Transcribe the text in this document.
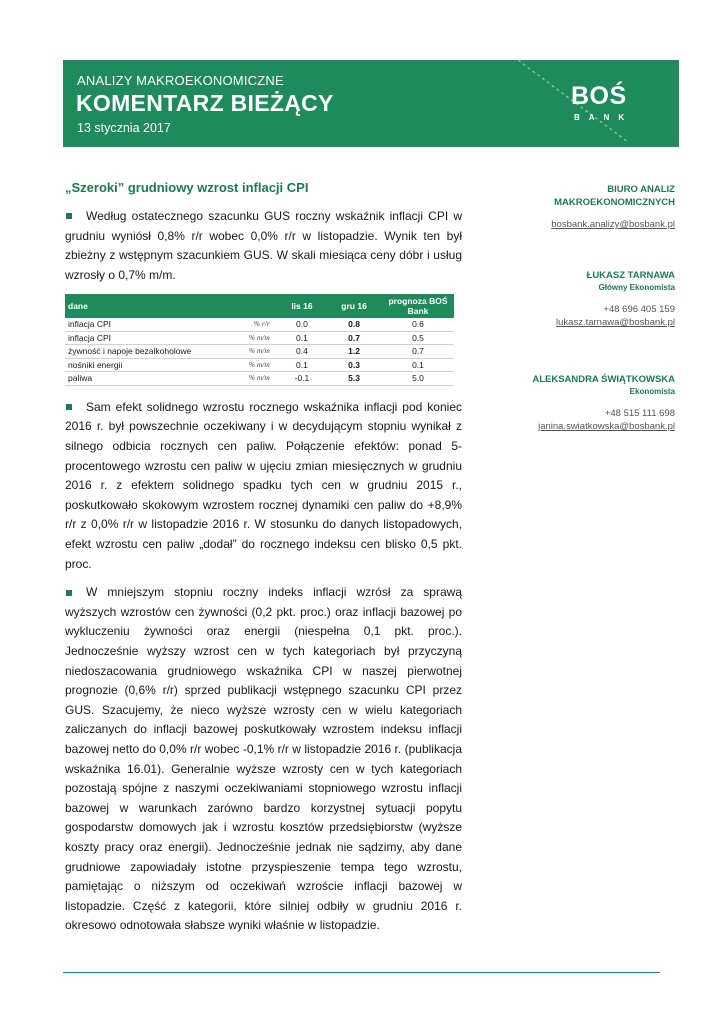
ANALIZY MAKROEKONOMICZNE
KOMENTARZ BIEŻĄCY
13 stycznia 2017
BOŚ
BANK
„Szeroki” grudniowy wzrost inflacji CPI

Według ostatecznego szacunku GUS roczny wskaźnik inflacji CPI w grudniu wyniósł 0,8% r/r wobec 0,0% r/r w listopadzie. Wynik ten był zbieżny z wstępnym szacunkiem GUS. W skali miesiąca ceny dóbr i usług wzrosły o 0,7% m/m.

dane		lis 16	gru 16	prognoza BOŚ Bank
inflacja CPI	% r/r	0.0	0.8	0.6
inflacja CPI	% m/m	0.1	0.7	0.5
żywność i napoje bezalkoholowe	% m/m	0.4	1.2	0.7
nośniki energii	% m/m	0.1	0.3	0.1
paliwa	% m/m	-0.1	5.3	5.0

Sam efekt solidnego wzrostu rocznego wskaźnika inflacji pod koniec 2016 r. był powszechnie oczekiwany i w decydującym stopniu wynikał z silnego odbicia rocznych cen paliw. Połączenie efektów: ponad 5-procentowego wzrostu cen paliw w ujęciu zmian miesięcznych w grudniu 2016 r. z efektem solidnego spadku tych cen w grudniu 2015 r., poskutkowało skokowym wzrostem rocznej dynamiki cen paliw do +8,9% r/r z 0,0% r/r w listopadzie 2016 r. W stosunku do danych listopadowych, efekt wzrostu cen paliw „dodał” do rocznego indeksu cen blisko 0,5 pkt. proc.

W mniejszym stopniu roczny indeks inflacji wzrósł za sprawą wyższych wzrostów cen żywności (0,2 pkt. proc.) oraz inflacji bazowej po wykluczeniu żywności oraz energii (niespełna 0,1 pkt. proc.). Jednocześnie wyższy wzrost cen w tych kategoriach był przyczyną niedoszacowania grudniowego wskaźnika CPI w naszej pierwotnej prognozie (0,6% r/r) sprzed publikacji wstępnego szacunku CPI przez GUS. Szacujemy, że nieco wyższe wzrosty cen w wielu kategoriach zaliczanych do inflacji bazowej poskutkowały wzrostem indeksu inflacji bazowej netto do 0,0% r/r wobec -0,1% r/r w listopadzie 2016 r. (publikacja wskaźnika 16.01). Generalnie wyższe wzrosty cen w tych kategoriach pozostają spójne z naszymi oczekiwaniami stopniowego wzrostu inflacji bazowej w warunkach zarówno bardzo korzystnej sytuacji popytu gospodarstw domowych jak i wzrostu kosztów przedsiębiorstw (wyższe koszty pracy oraz energii). Jednocześnie jednak nie sądzimy, aby dane grudniowe zapowiadały istotne przyspieszenie tempa tego wzrostu, pamiętając o niższym od oczekiwań wzroście inflacji bazowej w listopadzie. Część z kategorii, które silniej odbiły w grudniu 2016 r. okresowo odnotowała słabsze wyniki właśnie w listopadzie.

BIURO ANALIZ
MAKROEKONOMICZNYCH
bosbank.analizy@bosbank.pl
ŁUKASZ TARNAWA
Główny Ekonomista
+48 696 405 159
lukasz.tarnawa@bosbank.pl
ALEKSANDRA ŚWIĄTKOWSKA
Ekonomista
+48 515 111 698
janina.swiatkowska@bosbank.pl
